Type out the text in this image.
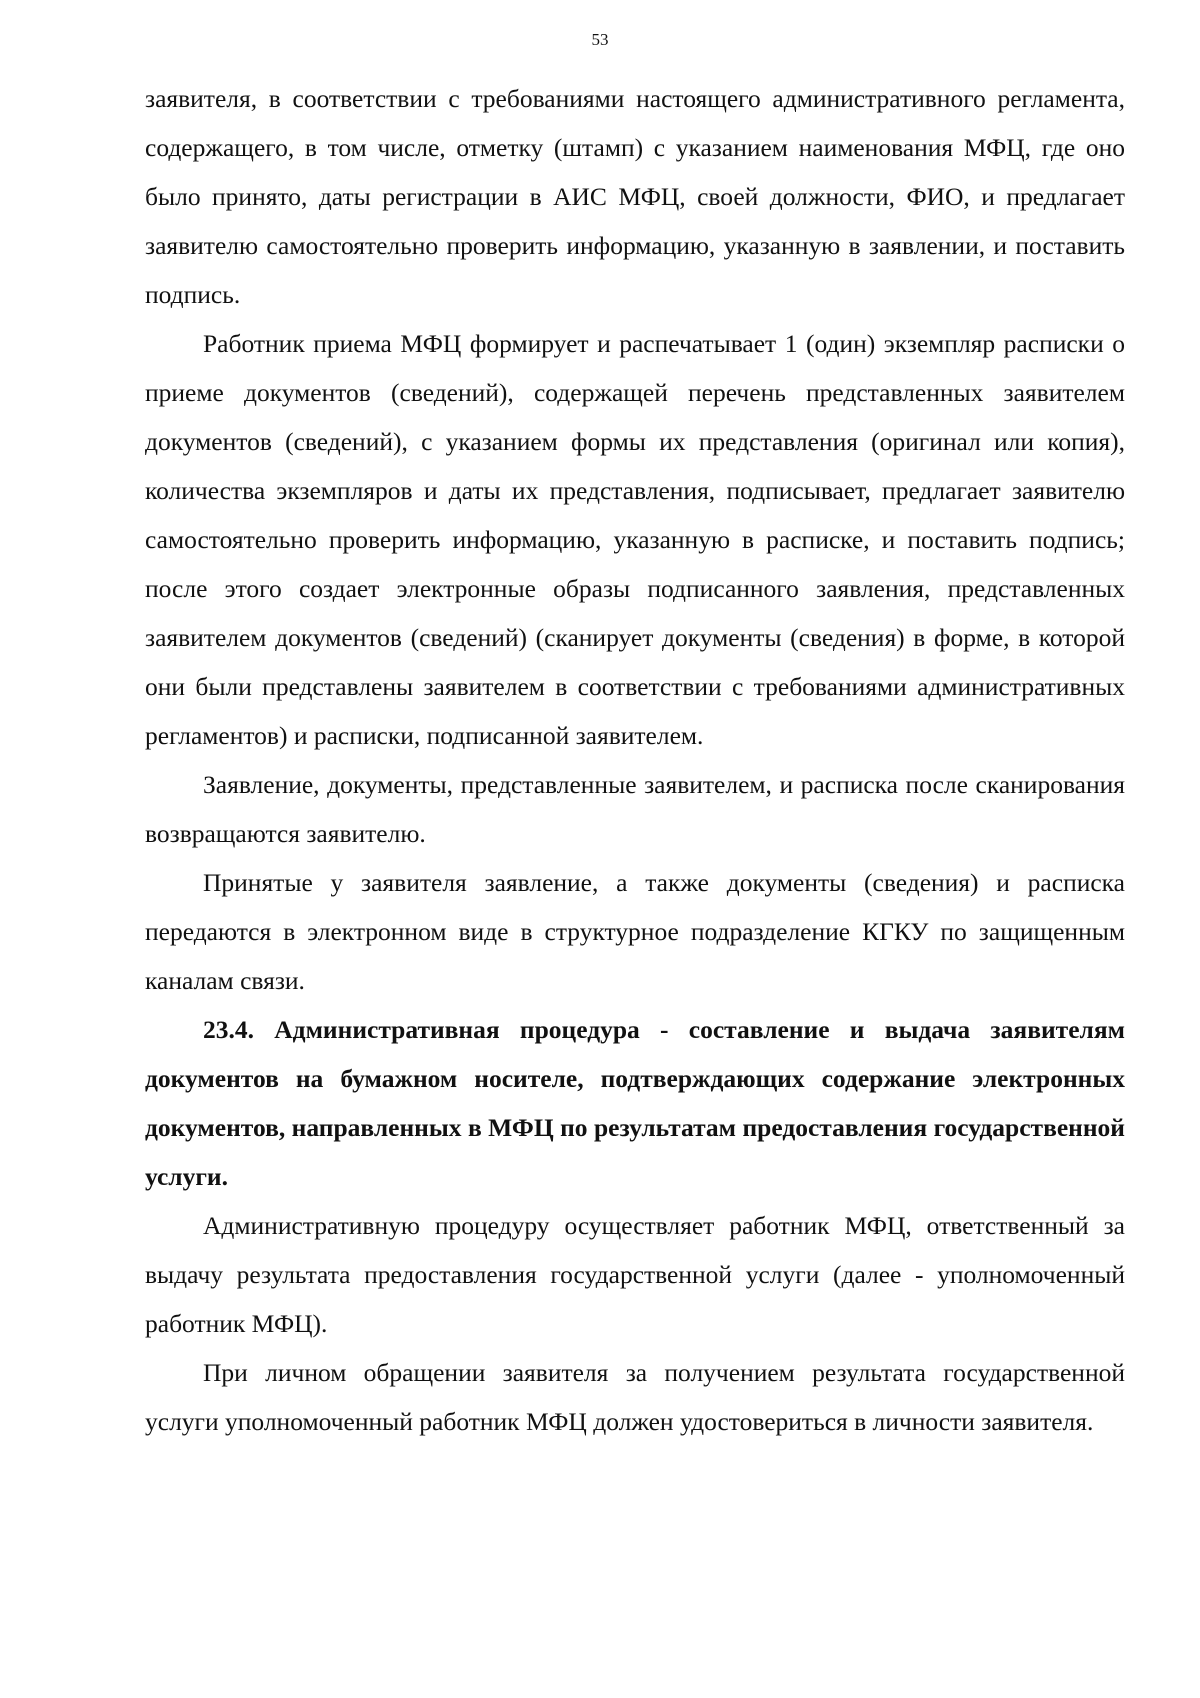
53

заявителя, в соответствии с требованиями настоящего административного регламента, содержащего, в том числе, отметку (штамп) с указанием наименования МФЦ, где оно было принято, даты регистрации в АИС МФЦ, своей должности, ФИО, и предлагает заявителю самостоятельно проверить информацию, указанную в заявлении, и поставить подпись.

Работник приема МФЦ формирует и распечатывает 1 (один) экземпляр расписки о приеме документов (сведений), содержащей перечень представленных заявителем документов (сведений), с указанием формы их представления (оригинал или копия), количества экземпляров и даты их представления, подписывает, предлагает заявителю самостоятельно проверить информацию, указанную в расписке, и поставить подпись; после этого создает электронные образы подписанного заявления, представленных заявителем документов (сведений) (сканирует документы (сведения) в форме, в которой они были представлены заявителем в соответствии с требованиями административных регламентов) и расписки, подписанной заявителем.

Заявление, документы, представленные заявителем, и расписка после сканирования возвращаются заявителю.

Принятые у заявителя заявление, а также документы (сведения) и расписка передаются в электронном виде в структурное подразделение КГКУ по защищенным каналам связи.

23.4. Административная процедура - составление и выдача заявителям документов на бумажном носителе, подтверждающих содержание электронных документов, направленных в МФЦ по результатам предоставления государственной услуги.

Административную процедуру осуществляет работник МФЦ, ответственный за выдачу результата предоставления государственной услуги (далее - уполномоченный работник МФЦ).

При личном обращении заявителя за получением результата государственной услуги уполномоченный работник МФЦ должен удостовериться в личности заявителя.
